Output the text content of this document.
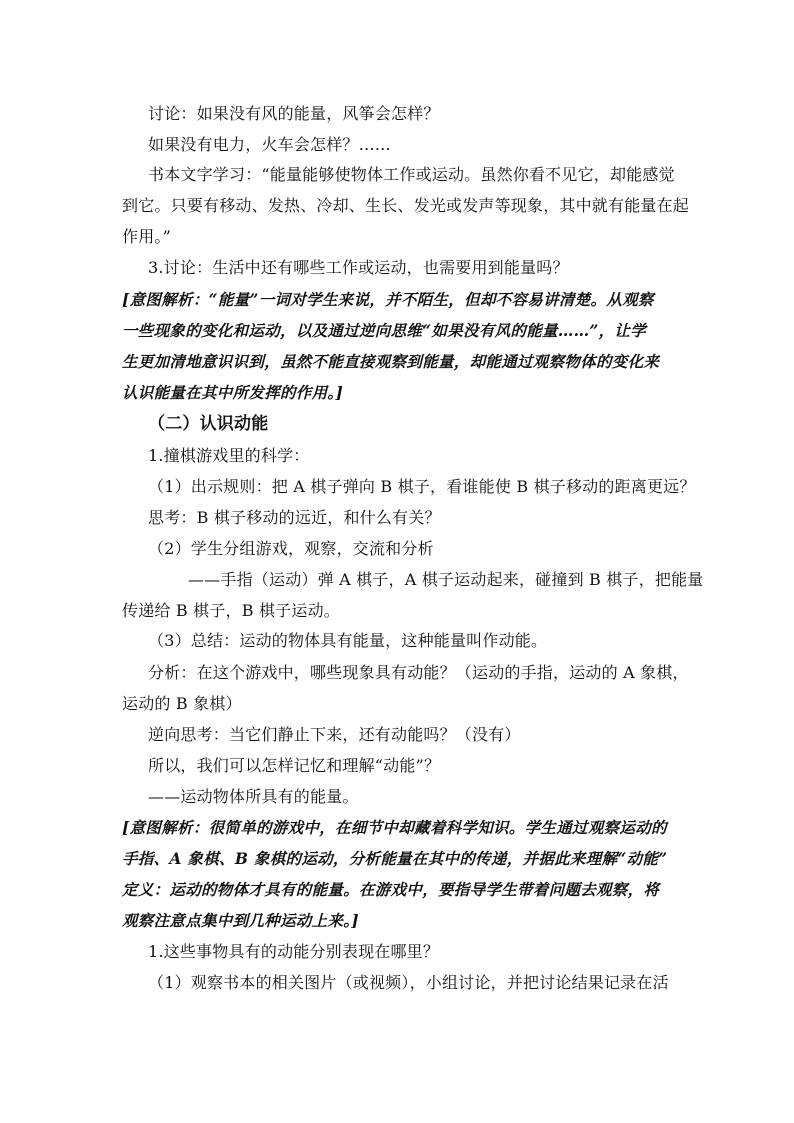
讨论：如果没有风的能量，风筝会怎样？
如果没有电力，火车会怎样？……
书本文字学习：“能量能够使物体工作或运动。虽然你看不见它，却能感觉
到它。只要有移动、发热、冷却、生长、发光或发声等现象，其中就有能量在起
作用。”
3.讨论：生活中还有哪些工作或运动，也需要用到能量吗？
[意图解析：“能量”一词对学生来说，并不陌生，但却不容易讲清楚。从观察
一些现象的变化和运动，以及通过逆向思维“如果没有风的能量……”，让学
生更加清地意识识到，虽然不能直接观察到能量，却能通过观察物体的变化来
认识能量在其中所发挥的作用。]
（二）认识动能
1.撞棋游戏里的科学：
（1）出示规则：把 A 棋子弹向 B 棋子，看谁能使 B 棋子移动的距离更远？
思考：B 棋子移动的远近，和什么有关？
（2）学生分组游戏，观察，交流和分析
——手指（运动）弹 A 棋子，A 棋子运动起来，碰撞到 B 棋子，把能量
传递给 B 棋子，B 棋子运动。
（3）总结：运动的物体具有能量，这种能量叫作动能。
分析：在这个游戏中，哪些现象具有动能？（运动的手指，运动的 A 象棋，
运动的 B 象棋）
逆向思考：当它们静止下来，还有动能吗？（没有）
所以，我们可以怎样记忆和理解“动能”？
——运动物体所具有的能量。
[意图解析：很简单的游戏中，在细节中却藏着科学知识。学生通过观察运动的
手指、A 象棋、B 象棋的运动，分析能量在其中的传递，并据此来理解“动能”
定义：运动的物体才具有的能量。在游戏中，要指导学生带着问题去观察，将
观察注意点集中到几种运动上来。]
1.这些事物具有的动能分别表现在哪里？
（1）观察书本的相关图片（或视频），小组讨论，并把讨论结果记录在活
